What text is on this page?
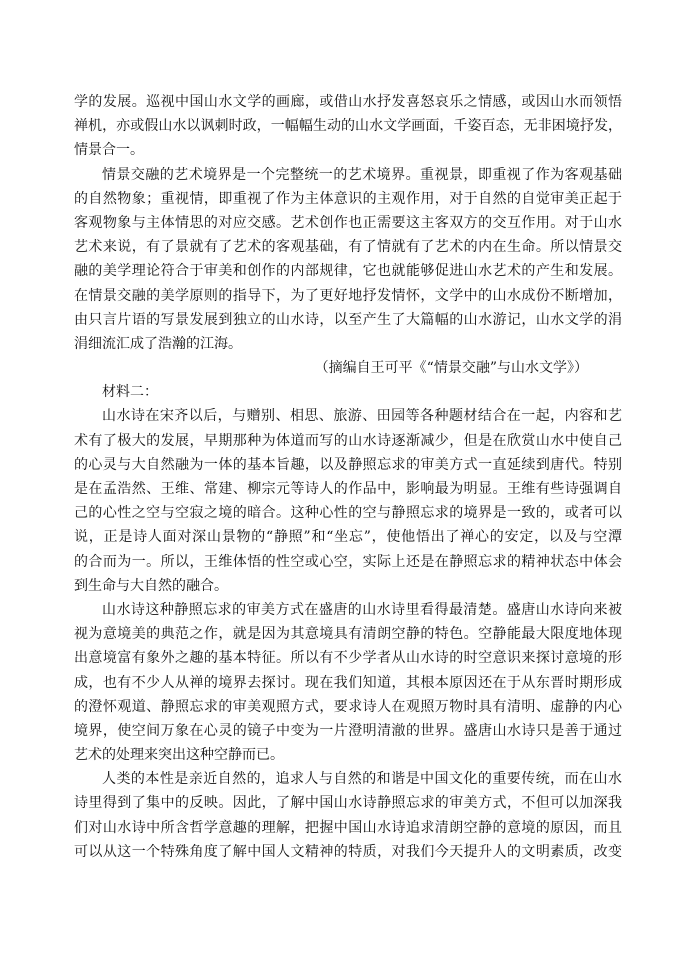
学的发展。巡视中国山水文学的画廊，或借山水抒发喜怒哀乐之情感，或因山水而领悟
禅机，亦或假山水以讽刺时政，一幅幅生动的山水文学画面，千姿百态，无非困境抒发，
情景合一。
情景交融的艺术境界是一个完整统一的艺术境界。重视景，即重视了作为客观基础
的自然物象；重视情，即重视了作为主体意识的主观作用，对于自然的自觉审美正起于
客观物象与主体情思的对应交感。艺术创作也正需要这主客双方的交互作用。对于山水
艺术来说，有了景就有了艺术的客观基础，有了情就有了艺术的内在生命。所以情景交
融的美学理论符合于审美和创作的内部规律，它也就能够促进山水艺术的产生和发展。
在情景交融的美学原则的指导下，为了更好地抒发情怀，文学中的山水成份不断增加，
由只言片语的写景发展到独立的山水诗，以至产生了大篇幅的山水游记，山水文学的涓
涓细流汇成了浩瀚的江海。
（摘编自王可平《“情景交融”与山水文学》）
材料二：
山水诗在宋齐以后，与赠别、相思、旅游、田园等各种题材结合在一起，内容和艺
术有了极大的发展，早期那种为体道而写的山水诗逐渐减少，但是在欣赏山水中使自己
的心灵与大自然融为一体的基本旨趣，以及静照忘求的审美方式一直延续到唐代。特别
是在孟浩然、王维、常建、柳宗元等诗人的作品中，影响最为明显。王维有些诗强调自
己的心性之空与空寂之境的暗合。这种心性的空与静照忘求的境界是一致的，或者可以
说，正是诗人面对深山景物的“静照”和“坐忘”，使他悟出了禅心的安定，以及与空潭
的合而为一。所以，王维体悟的性空或心空，实际上还是在静照忘求的精神状态中体会
到生命与大自然的融合。
山水诗这种静照忘求的审美方式在盛唐的山水诗里看得最清楚。盛唐山水诗向来被
视为意境美的典范之作，就是因为其意境具有清朗空静的特色。空静能最大限度地体现
出意境富有象外之趣的基本特征。所以有不少学者从山水诗的时空意识来探讨意境的形
成，也有不少人从禅的境界去探讨。现在我们知道，其根本原因还在于从东晋时期形成
的澄怀观道、静照忘求的审美观照方式，要求诗人在观照万物时具有清明、虚静的内心
境界，使空间万象在心灵的镜子中变为一片澄明清澈的世界。盛唐山水诗只是善于通过
艺术的处理来突出这种空静而已。
人类的本性是亲近自然的，追求人与自然的和谐是中国文化的重要传统，而在山水
诗里得到了集中的反映。因此，了解中国山水诗静照忘求的审美方式，不但可以加深我
们对山水诗中所含哲学意趣的理解，把握中国山水诗追求清朗空静的意境的原因，而且
可以从这一个特殊角度了解中国人文精神的特质，对我们今天提升人的文明素质，改变
